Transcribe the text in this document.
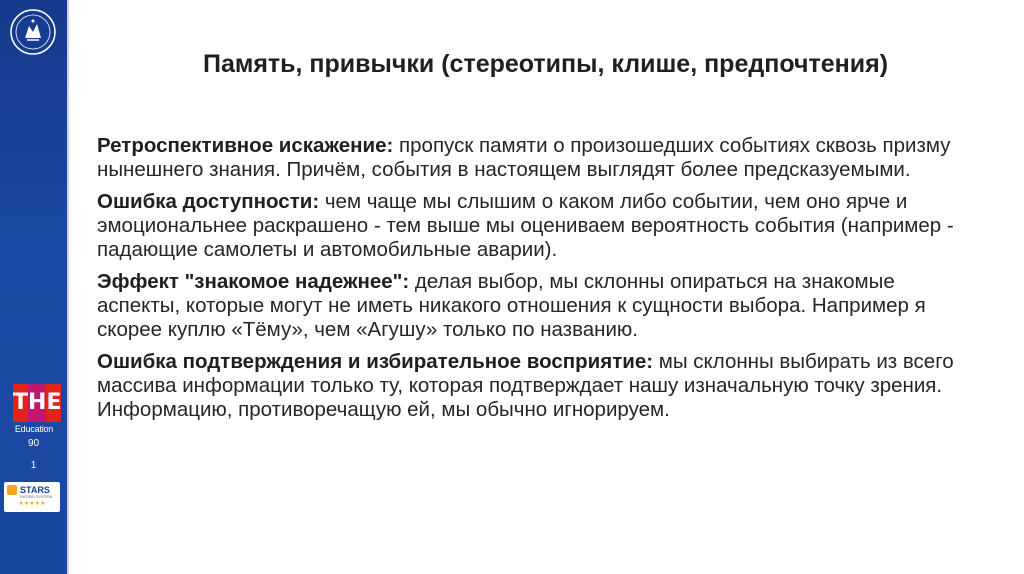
T H E
Education
90
1
STARS
RATING SYSTEM
★★★★★
Память, привычки (стереотипы, клише, предпочтения)

Ретроспективное искажение: пропуск памяти о произошедших событиях сквозь призму нынешнего знания. Причём, события в настоящем выглядят более предсказуемыми.

Ошибка доступности: чем чаще мы слышим о каком либо событии, чем оно ярче и эмоциональнее раскрашено - тем выше мы оцениваем вероятность события (например - падающие самолеты и автомобильные аварии).

Эффект "знакомое надежнее": делая выбор, мы склонны опираться на знакомые аспекты, которые могут не иметь никакого отношения к сущности выбора. Например я скорее куплю «Тёму», чем «Агушу» только по названию.

Ошибка подтверждения и избирательное восприятие: мы склонны выбирать из всего массива информации только ту, которая подтверждает нашу изначальную точку зрения. Информацию, противоречащую ей, мы обычно игнорируем.
